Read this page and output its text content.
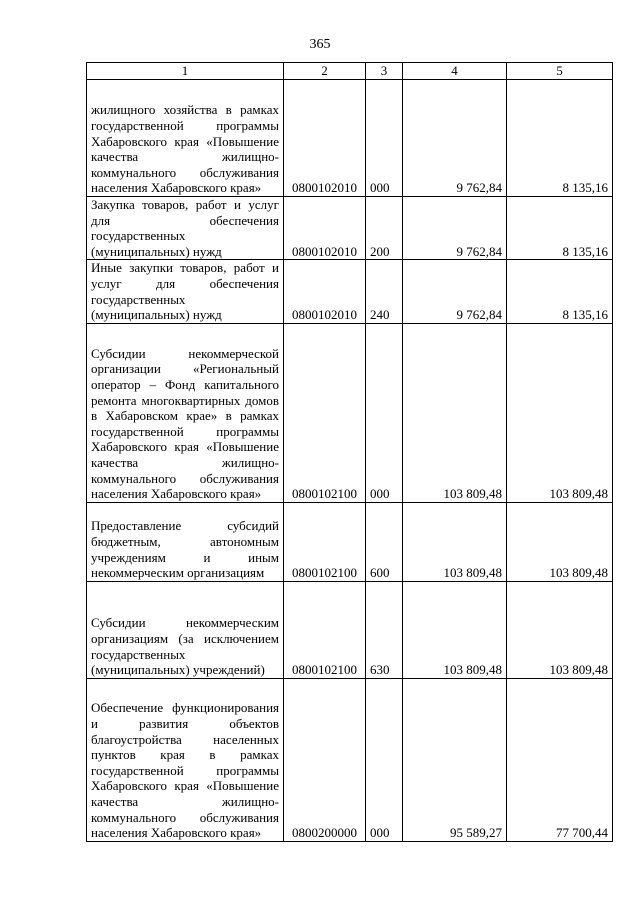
365
1	2	3	4	5
жилищного хозяйства в рамках государственной программы Хабаровского края «Повышение качества жилищно-коммунального обслуживания населения Хабаровского края»	0800102010	000	9 762,84	8 135,16
Закупка товаров, работ и услуг для обеспечения государственных (муниципальных) нужд	0800102010	200	9 762,84	8 135,16
Иные закупки товаров, работ и услуг для обеспечения государственных (муниципальных) нужд	0800102010	240	9 762,84	8 135,16
Субсидии некоммерческой организации «Региональный оператор – Фонд капитального ремонта многоквартирных домов в Хабаровском крае» в рамках государственной программы Хабаровского края «Повышение качества жилищно-коммунального обслуживания населения Хабаровского края»	0800102100	000	103 809,48	103 809,48
Предоставление субсидий бюджетным, автономным учреждениям и иным некоммерческим организациям	0800102100	600	103 809,48	103 809,48
Субсидии некоммерческим организациям (за исключением государственных (муниципальных) учреждений)	0800102100	630	103 809,48	103 809,48
Обеспечение функционирования и развития объектов благоустройства населенных пунктов края в рамках государственной программы Хабаровского края «Повышение качества жилищно-коммунального обслуживания населения Хабаровского края»	0800200000	000	95 589,27	77 700,44
